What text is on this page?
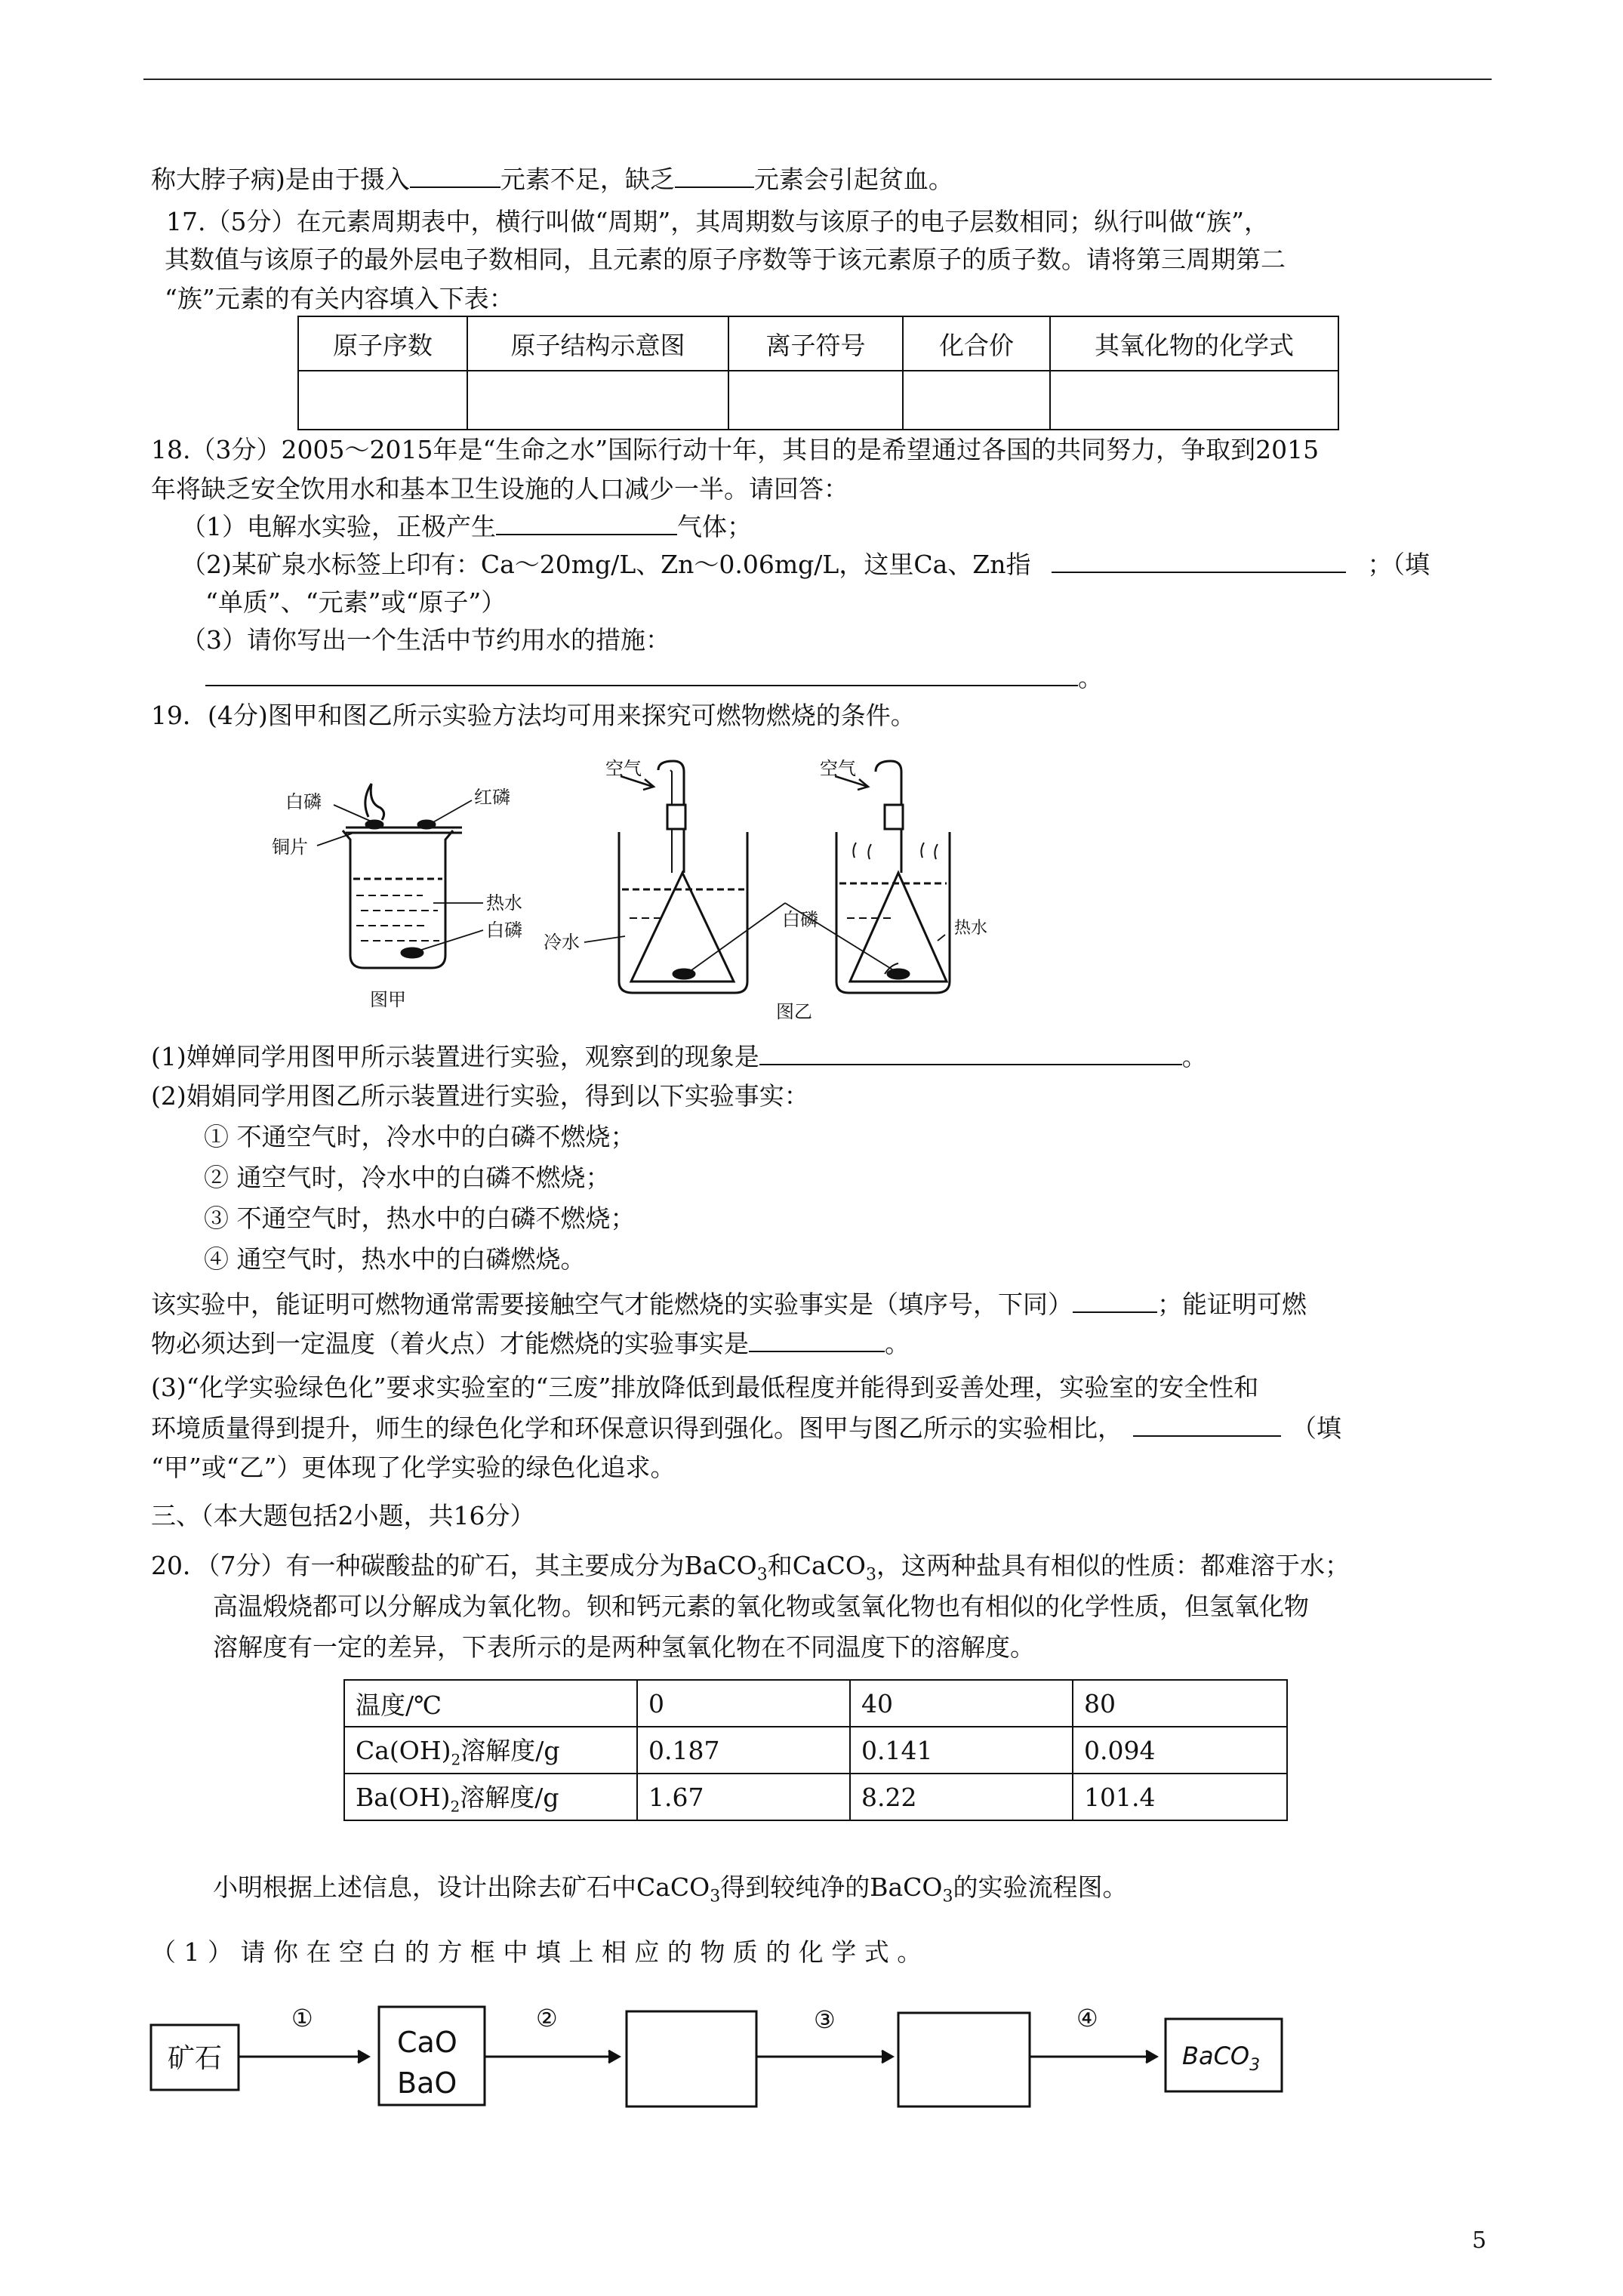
称大脖子病)是由于摄入	元素不足，缺乏	元素会引起贫血。
17.（5分）在元素周期表中，横行叫做“周期”，其周期数与该原子的电子层数相同；纵行叫做“族”，
其数值与该原子的最外层电子数相同，且元素的原子序数等于该元素原子的质子数。请将第三周期第二
“族”元素的有关内容填入下表：
原子序数	原子结构示意图	离子符号	化合价	其氧化物的化学式

18.（3分）2005～2015年是“生命之水”国际行动十年，其目的是希望通过各国的共同努力，争取到2015
年将缺乏安全饮用水和基本卫生设施的人口减少一半。请回答：
（1）电解水实验，正极产生	气体；
（2)某矿泉水标签上印有：Ca～20mg/L、Zn～0.06mg/L，这里Ca、Zn指	；（填
“单质”、“元素”或“原子”）
（3）请你写出一个生活中节约用水的措施：
。
19．(4分)图甲和图乙所示实验方法均可用来探究可燃物燃烧的条件。
白磷	红磷
铜片
热水
白磷
图甲
空气	空气
冷水
白磷	热水
图乙
(1)婵婵同学用图甲所示装置进行实验，观察到的现象是	。
(2)娟娟同学用图乙所示装置进行实验，得到以下实验事实：
① 不通空气时，冷水中的白磷不燃烧；
② 通空气时，冷水中的白磷不燃烧；
③ 不通空气时，热水中的白磷不燃烧；
④ 通空气时，热水中的白磷燃烧。
该实验中，能证明可燃物通常需要接触空气才能燃烧的实验事实是（填序号，下同）	；能证明可燃
物必须达到一定温度（着火点）才能燃烧的实验事实是	。
(3)“化学实验绿色化”要求实验室的“三废”排放降低到最低程度并能得到妥善处理，实验室的安全性和
环境质量得到提升，师生的绿色化学和环保意识得到强化。图甲与图乙所示的实验相比，	（填
“甲”或“乙”）更体现了化学实验的绿色化追求。
三、（本大题包括2小题，共16分）
20．（7分）有一种碳酸盐的矿石，其主要成分为BaCO$_3$和CaCO$_3$，这两种盐具有相似的性质：都难溶于水；
高温煅烧都可以分解成为氧化物。钡和钙元素的氧化物或氢氧化物也有相似的化学性质，但氢氧化物
溶解度有一定的差异，下表所示的是两种氢氧化物在不同温度下的溶解度。
温度/℃	0	40	80
$Ca(OH)_2$溶解度/g	0.187	0.141	0.094
$Ba(OH)_2$溶解度/g	1.67	8.22	101.4
小明根据上述信息，设计出除去矿石中CaCO$_3$得到较纯净的BaCO$_3$的实验流程图。
（ 1 ） 请 你 在 空 白 的 方 框 中 填 上 相 应 的 物 质 的 化 学 式 。
矿石
①	②	③	④
CaO
BaO
BaCO$_3$
5
